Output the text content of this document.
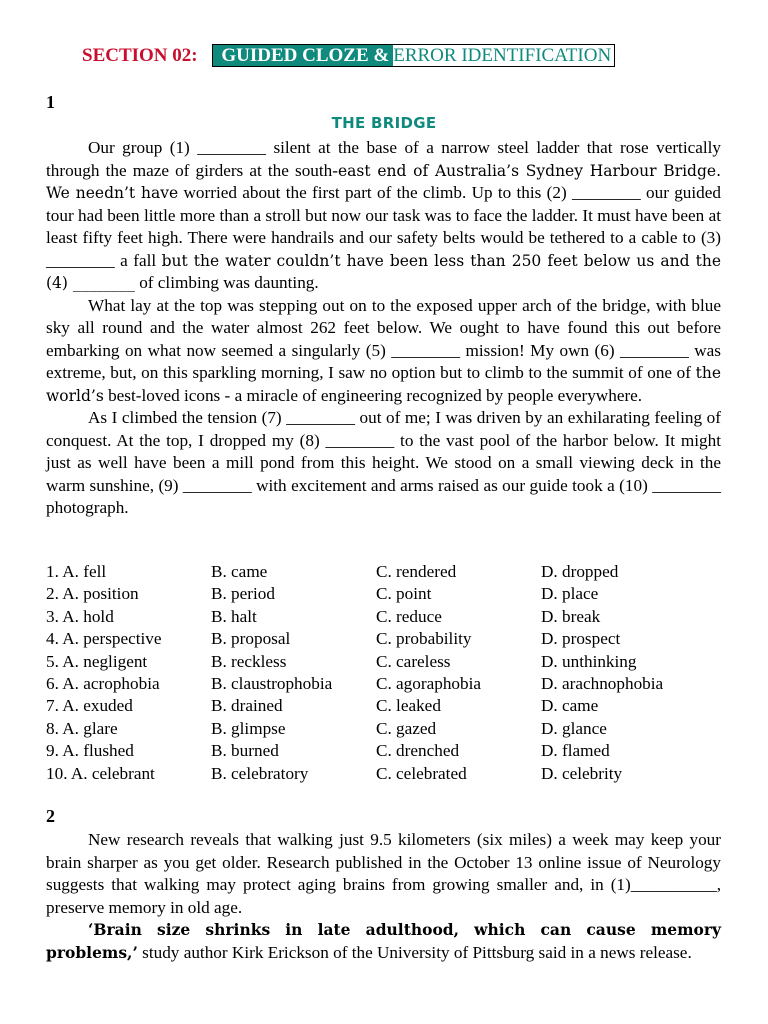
SECTION 02: GUIDED CLOZE & ERROR IDENTIFICATION
1
THE BRIDGE

Our group (1) ________ silent at the base of a narrow steel ladder that rose vertically through the maze of girders at the south-east end of Australia’s Sydney Harbour Bridge. We needn’t have worried about the first part of the climb. Up to this (2) ________ our guided tour had been little more than a stroll but now our task was to face the ladder. It must have been at least fifty feet high. There were handrails and our safety belts would be tethered to a cable to (3) ________ a fall but the water couldn’t have been less than 250 feet below us and the (4) ________ of climbing was daunting.

What lay at the top was stepping out on to the exposed upper arch of the bridge, with blue sky all round and the water almost 262 feet below. We ought to have found this out before embarking on what now seemed a singularly (5) ________ mission! My own (6) ________ was extreme, but, on this sparkling morning, I saw no option but to climb to the summit of one of the world’s best-loved icons - a miracle of engineering recognized by people everywhere.

As I climbed the tension (7) ________ out of me; I was driven by an exhilarating feeling of conquest. At the top, I dropped my (8) ________ to the vast pool of the harbor below. It might just as well have been a mill pond from this height. We stood on a small viewing deck in the warm sunshine, (9) ________ with excitement and arms raised as our guide took a (10) ________ photograph.

1. A. fell	B. came	C. rendered	D. dropped
2. A. position	B. period	C. point	D. place
3. A. hold	B. halt	C. reduce	D. break
4. A. perspective	B. proposal	C. probability	D. prospect
5. A. negligent	B. reckless	C. careless	D. unthinking
6. A. acrophobia	B. claustrophobia	C. agoraphobia	D. arachnophobia
7. A. exuded	B. drained	C. leaked	D. came
8. A. glare	B. glimpse	C. gazed	D. glance
9. A. flushed	B. burned	C. drenched	D. flamed
10. A. celebrant	B. celebratory	C. celebrated	D. celebrity
2

New research reveals that walking just 9.5 kilometers (six miles) a week may keep your brain sharper as you get older. Research published in the October 13 online issue of Neurology suggests that walking may protect aging brains from growing smaller and, in (1)__________, preserve memory in old age.

‘Brain size shrinks in late adulthood, which can cause memory problems,’ study author Kirk Erickson of the University of Pittsburg said in a news release.
